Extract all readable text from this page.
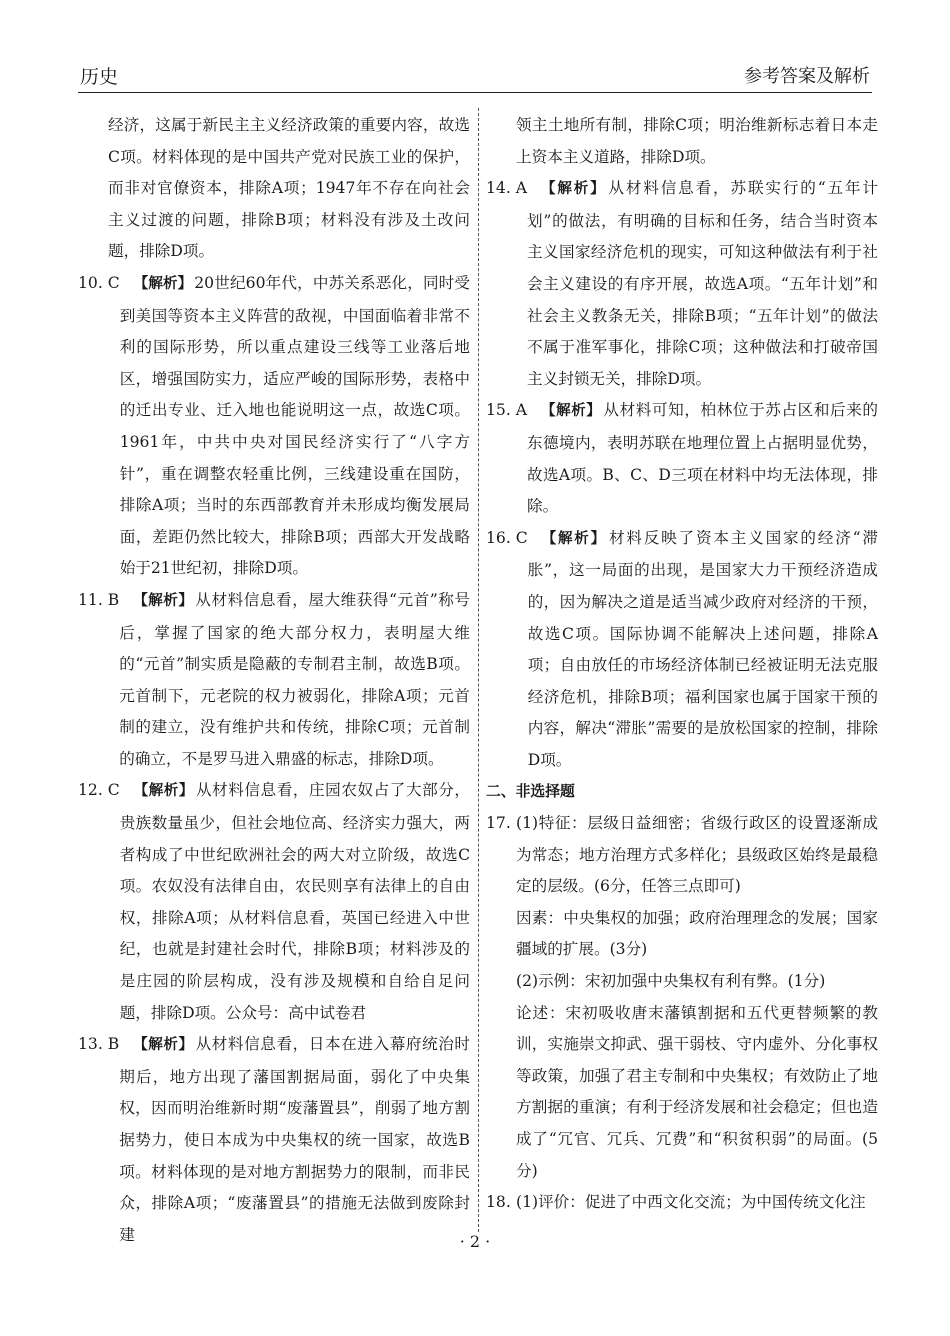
历史	参考答案及解析
经济，这属于新民主主义经济政策的重要内容，故选C项。材料体现的是中国共产党对民族工业的保护，而非对官僚资本，排除A项；1947年不存在向社会主义过渡的问题，排除B项；材料没有涉及土改问题，排除D项。
10. C 【解析】 20世纪60年代，中苏关系恶化，同时受到美国等资本主义阵营的敌视，中国面临着非常不利的国际形势，所以重点建设三线等工业落后地区，增强国防实力，适应严峻的国际形势，表格中的迁出专业、迁入地也能说明这一点，故选C项。1961年，中共中央对国民经济实行了“八字方针”，重在调整农轻重比例，三线建设重在国防，排除A项；当时的东西部教育并未形成均衡发展局面，差距仍然比较大，排除B项；西部大开发战略始于21世纪初，排除D项。
11. B 【解析】 从材料信息看，屋大维获得“元首”称号后，掌握了国家的绝大部分权力，表明屋大维的“元首”制实质是隐蔽的专制君主制，故选B项。元首制下，元老院的权力被弱化，排除A项；元首制的建立，没有维护共和传统，排除C项；元首制的确立，不是罗马进入鼎盛的标志，排除D项。
12. C 【解析】 从材料信息看，庄园农奴占了大部分，贵族数量虽少，但社会地位高、经济实力强大，两者构成了中世纪欧洲社会的两大对立阶级，故选C项。农奴没有法律自由，农民则享有法律上的自由权，排除A项；从材料信息看，英国已经进入中世纪，也就是封建社会时代，排除B项；材料涉及的是庄园的阶层构成，没有涉及规模和自给自足问题，排除D项。公众号：高中试卷君
13. B 【解析】 从材料信息看，日本在进入幕府统治时期后，地方出现了藩国割据局面，弱化了中央集权，因而明治维新时期“废藩置县”，削弱了地方割据势力，使日本成为中央集权的统一国家，故选B项。材料体现的是对地方割据势力的限制，而非民众，排除A项；“废藩置县”的措施无法做到废除封建
领主土地所有制，排除C项；明治维新标志着日本走上资本主义道路，排除D项。
14. A 【解析】 从材料信息看，苏联实行的“五年计划”的做法，有明确的目标和任务，结合当时资本主义国家经济危机的现实，可知这种做法有利于社会主义建设的有序开展，故选A项。“五年计划”和社会主义教条无关，排除B项；“五年计划”的做法不属于准军事化，排除C项；这种做法和打破帝国主义封锁无关，排除D项。
15. A 【解析】 从材料可知，柏林位于苏占区和后来的东德境内，表明苏联在地理位置上占据明显优势，故选A项。B、C、D三项在材料中均无法体现，排除。
16. C 【解析】 材料反映了资本主义国家的经济“滞胀”，这一局面的出现，是国家大力干预经济造成的，因为解决之道是适当减少政府对经济的干预，故选C项。国际协调不能解决上述问题，排除A项；自由放任的市场经济体制已经被证明无法克服经济危机，排除B项；福利国家也属于国家干预的内容，解决“滞胀”需要的是放松国家的控制，排除D项。
二、非选择题
17. (1)特征：层级日益细密；省级行政区的设置逐渐成为常态；地方治理方式多样化；县级政区始终是最稳定的层级。(6分，任答三点即可)
因素：中央集权的加强；政府治理理念的发展；国家疆域的扩展。(3分)
(2)示例：宋初加强中央集权有利有弊。(1分)
论述：宋初吸收唐末藩镇割据和五代更替频繁的教训，实施崇文抑武、强干弱枝、守内虚外、分化事权等政策，加强了君主专制和中央集权；有效防止了地方割据的重演；有利于经济发展和社会稳定；但也造成了“冗官、冗兵、冗费”和“积贫积弱”的局面。(5分)
18. (1)评价：促进了中西文化交流；为中国传统文化注
· 2 ·
